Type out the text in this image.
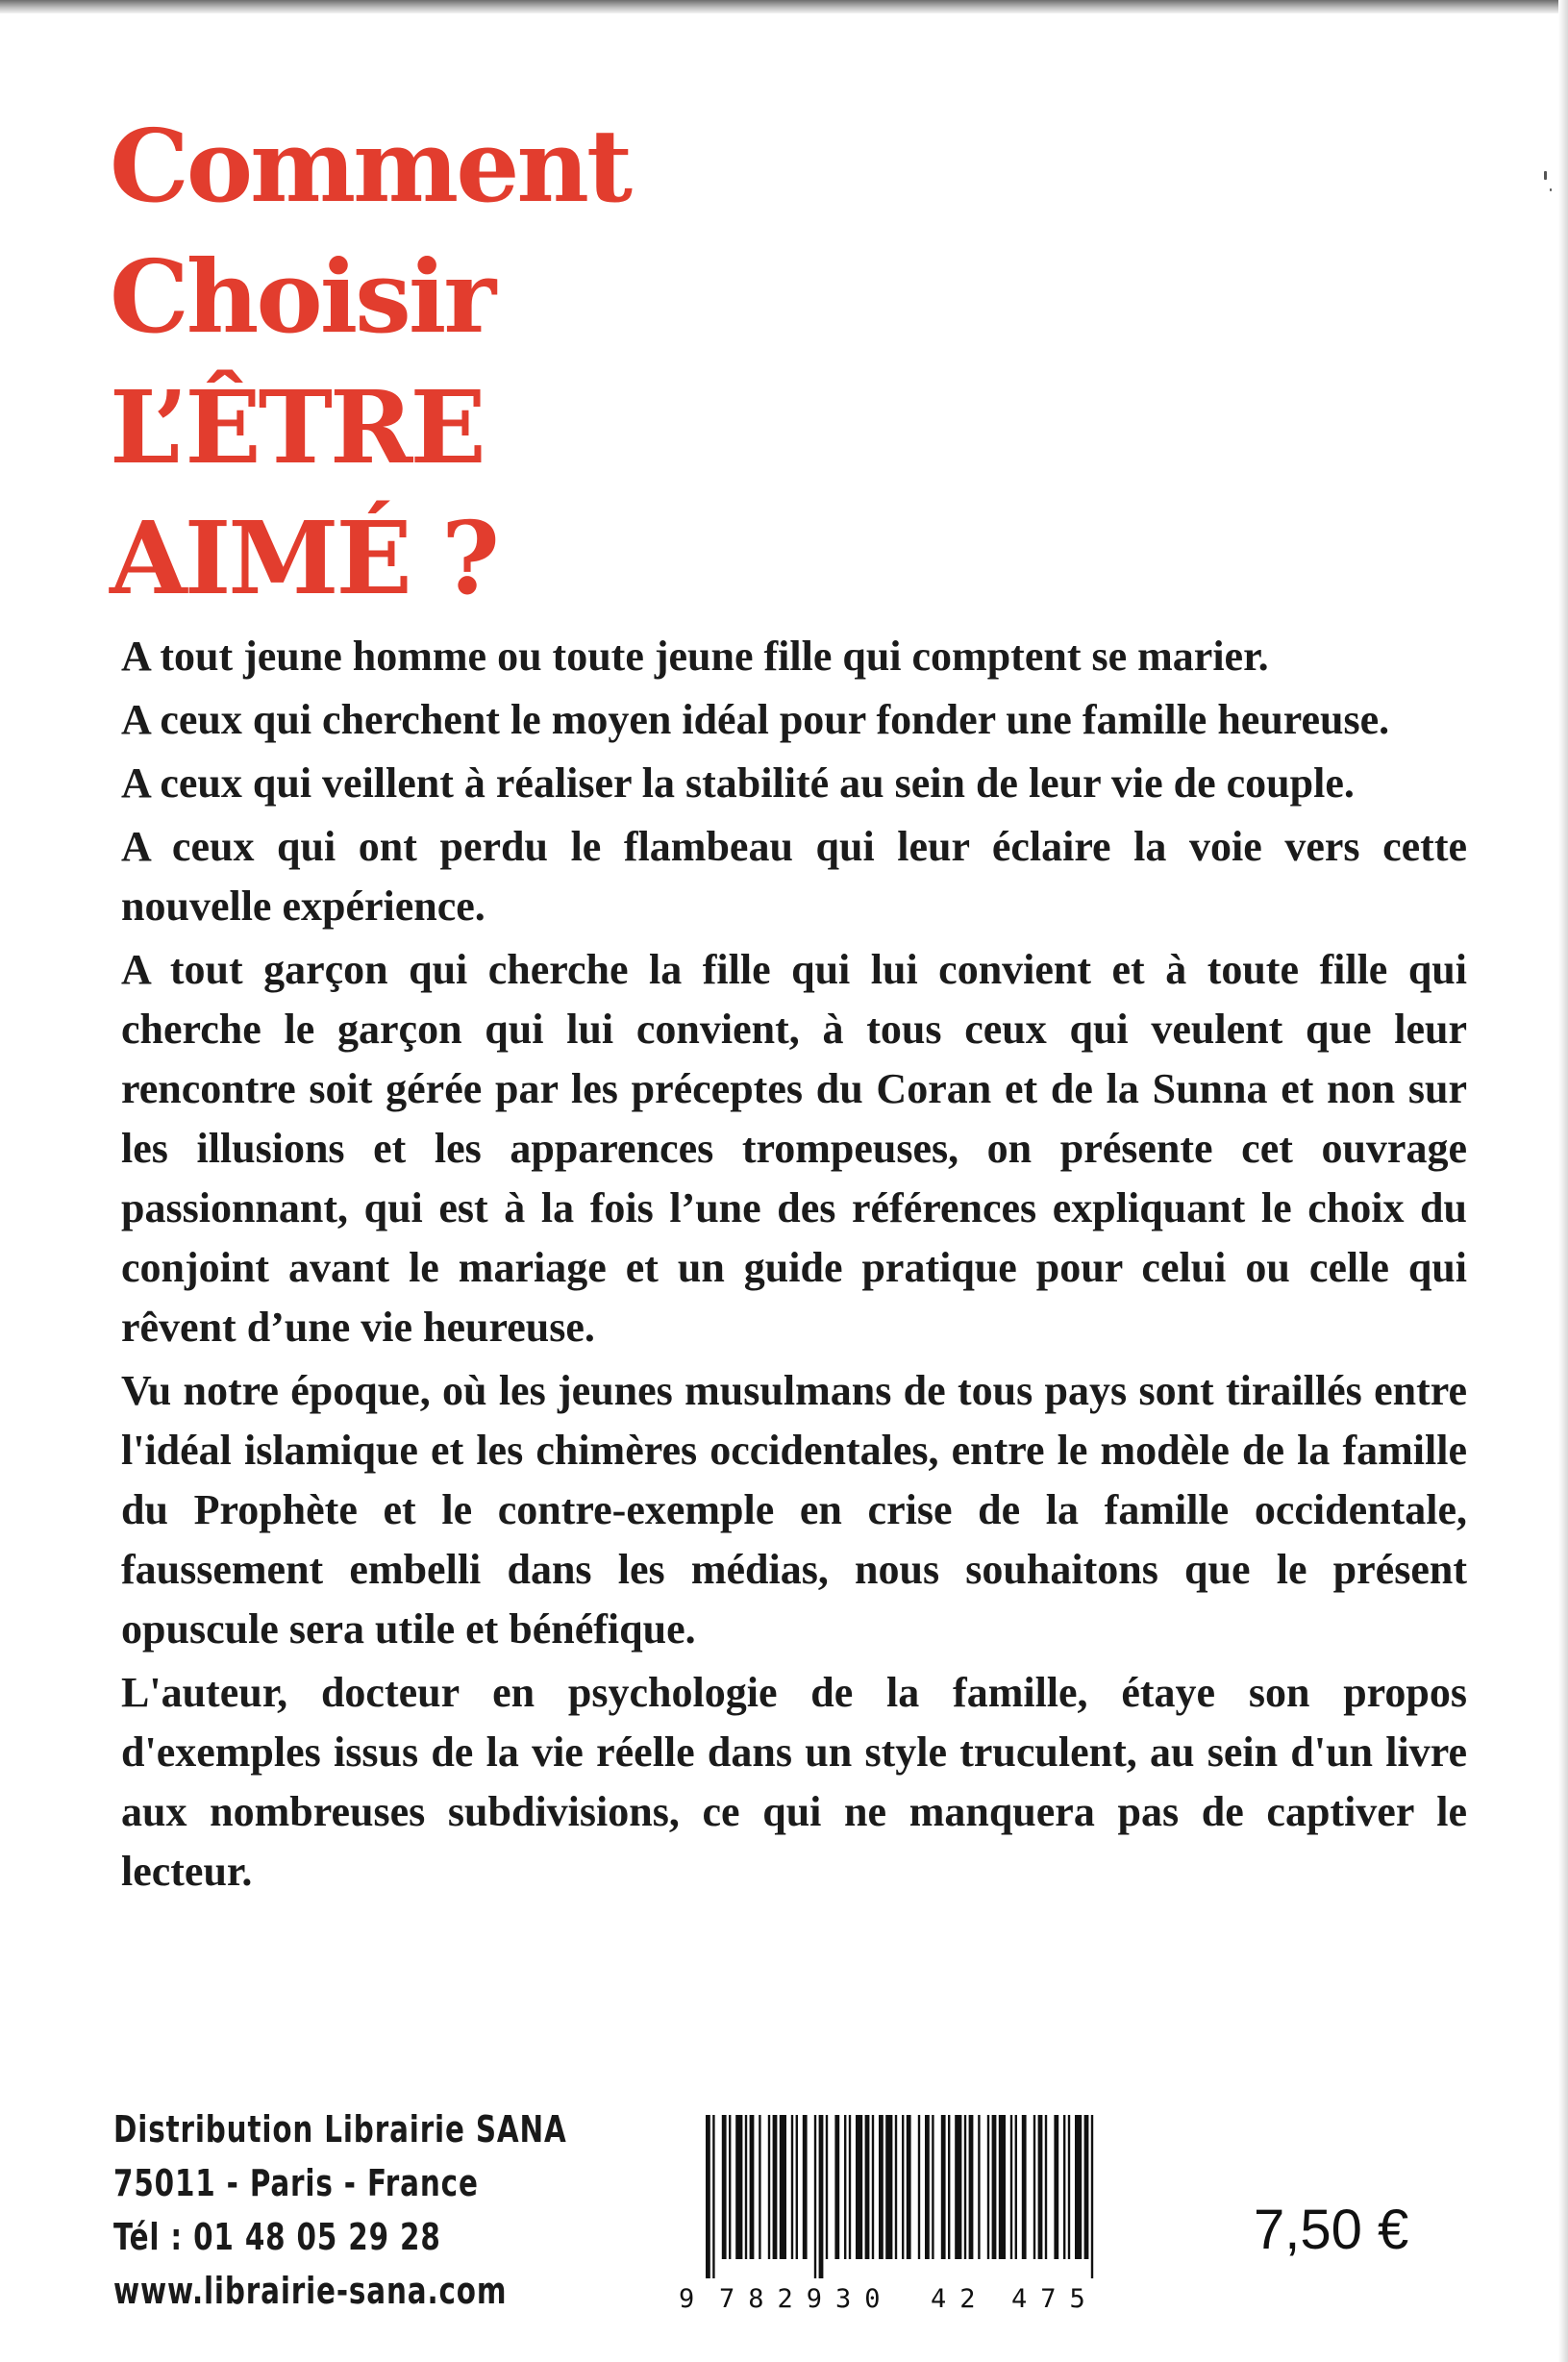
Comment
Choisir
L’ÊTRE
AIMÉ ?

A tout jeune homme ou toute jeune fille qui comptent se marier.

A ceux qui cherchent le moyen idéal pour fonder une famille heureuse.

A ceux qui veillent à réaliser la stabilité au sein de leur vie de couple.

A ceux qui ont perdu le flambeau qui leur éclaire la voie vers cette nouvelle expérience.

A tout garçon qui cherche la fille qui lui convient et à toute fille qui cherche le garçon qui lui convient, à tous ceux qui veulent que leur rencontre soit gérée par les préceptes du Coran et de la Sunna et non sur les illusions et les apparences trompeuses, on présente cet ouvrage passionnant, qui est à la fois l’une des références expliquant le choix du conjoint avant le mariage et un guide pratique pour celui ou celle qui rêvent d’une vie heureuse.

Vu notre époque, où les jeunes musulmans de tous pays sont tiraillés entre l'idéal islamique et les chimères occidentales, entre le modèle de la famille du Prophète et le contre-exemple en crise de la famille occidentale, faussement embelli dans les médias, nous souhaitons que le présent opuscule sera utile et bénéfique.

L'auteur, docteur en psychologie de la famille, étaye son propos d'exemples issus de la vie réelle dans un style truculent, au sein d'un livre aux nombreuses subdivisions, ce qui ne manquera pas de captiver le lecteur.

Distribution Librairie SANA
75011 - Paris - France
Tél : 01 48 05 29 28
www.librairie-sana.com	9 782930 42 475
7,50 €
